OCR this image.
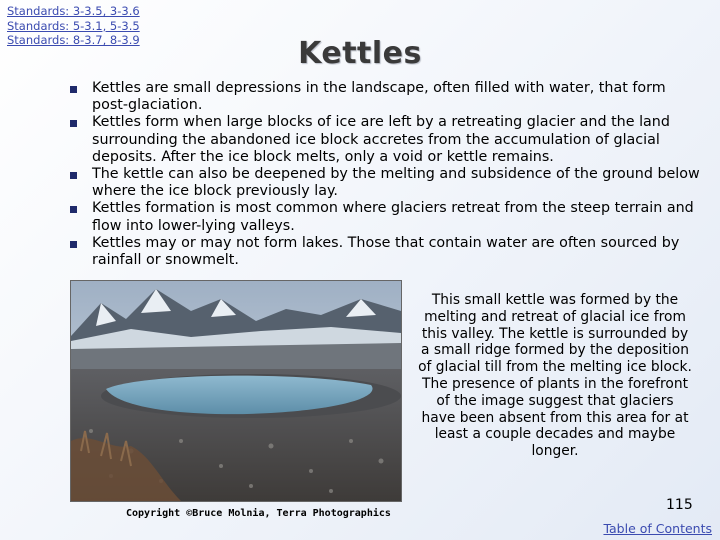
Standards: 3-3.5, 3-3.6
Standards: 5-3.1, 5-3.5
Standards: 8-3.7, 8-3.9	Kettles
Kettles are small depressions in the landscape, often filled with water, that form post-glaciation.
Kettles form when large blocks of ice are left by a retreating glacier and the land surrounding the abandoned ice block accretes from the accumulation of glacial deposits. After the ice block melts, only a void or kettle remains.
The kettle can also be deepened by the melting and subsidence of the ground below where the ice block previously lay.
Kettles formation is most common where glaciers retreat from the steep terrain and flow into lower-lying valleys.
Kettles may or may not form lakes. Those that contain water are often sourced by rainfall or snowmelt.
This small kettle was formed by the melting and retreat of glacial ice from this valley. The kettle is surrounded by a small ridge formed by the deposition of glacial till from the melting ice block. The presence of plants in the forefront of the image suggest that glaciers have been absent from this area for at least a couple decades and maybe longer.
Copyright ©Bruce Molnia, Terra Photographics
115
Table of Contents
